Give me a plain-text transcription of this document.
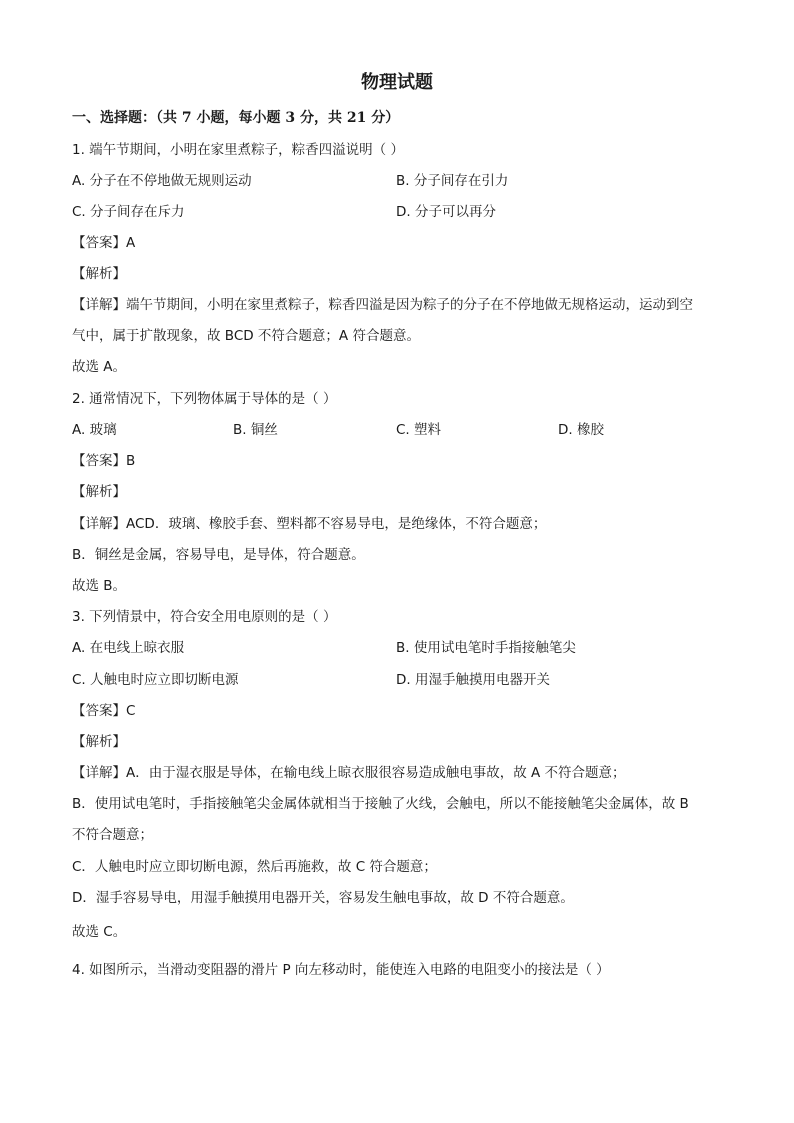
物理试题
一、选择题：（共 7 小题，每小题 3 分，共 21 分）
1. 端午节期间，小明在家里煮粽子，粽香四溢说明（ ）
A. 分子在不停地做无规则运动	B. 分子间存在引力
C. 分子间存在斥力	D. 分子可以再分
【答案】A
【解析】
【详解】端午节期间，小明在家里煮粽子，粽香四溢是因为粽子的分子在不停地做无规格运动，运动到空
气中，属于扩散现象，故 BCD 不符合题意；A 符合题意。
故选 A。
2. 通常情况下，下列物体属于导体的是（ ）
A. 玻璃	B. 铜丝	C. 塑料	D. 橡胶
【答案】B
【解析】
【详解】ACD．玻璃、橡胶手套、塑料都不容易导电，是绝缘体，不符合题意；
B．铜丝是金属，容易导电，是导体，符合题意。
故选 B。
3. 下列情景中，符合安全用电原则的是（ ）
A. 在电线上晾衣服	B. 使用试电笔时手指接触笔尖
C. 人触电时应立即切断电源	D. 用湿手触摸用电器开关
【答案】C
【解析】
【详解】A．由于湿衣服是导体，在输电线上晾衣服很容易造成触电事故，故 A 不符合题意；
B．使用试电笔时，手指接触笔尖金属体就相当于接触了火线，会触电，所以不能接触笔尖金属体，故 B
不符合题意；
C．人触电时应立即切断电源，然后再施救，故 C 符合题意；
D．湿手容易导电，用湿手触摸用电器开关，容易发生触电事故，故 D 不符合题意。
故选 C。
4. 如图所示，当滑动变阻器的滑片 P 向左移动时，能使连入电路的电阻变小的接法是（ ）
